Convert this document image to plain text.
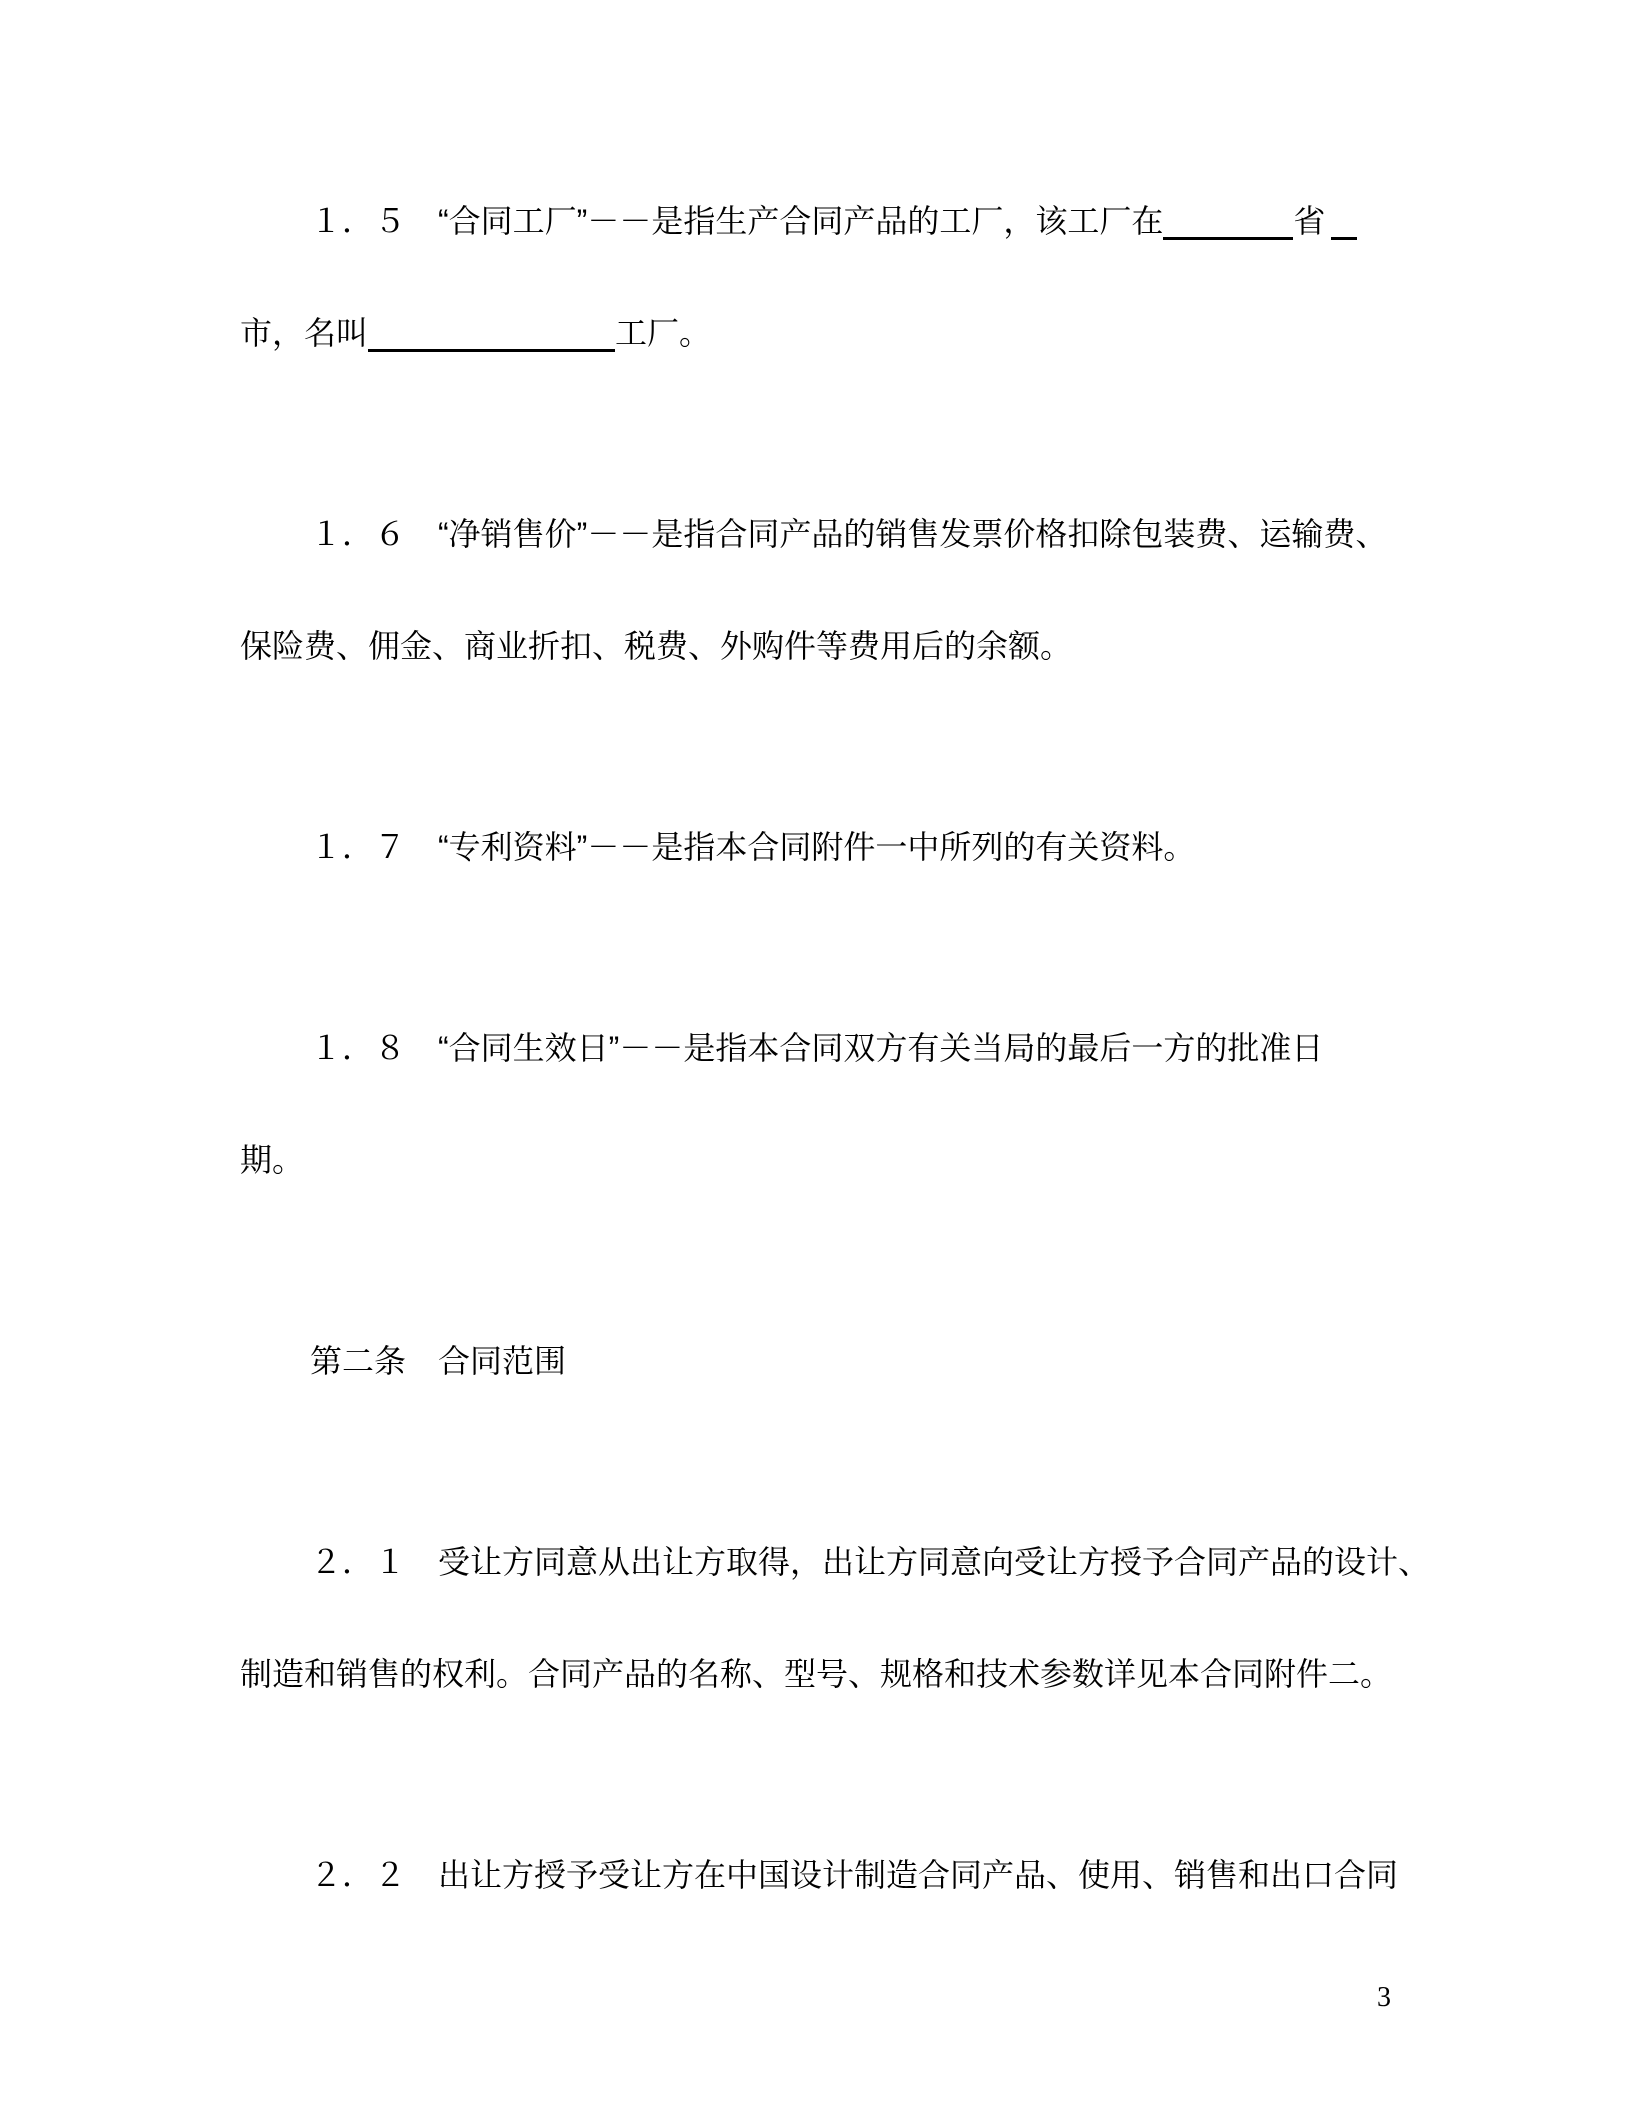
１．５　“合同工厂”－－是指生产合同产品的工厂，该工厂在	省
市，名叫	工厂。
１．６　“净销售价”－－是指合同产品的销售发票价格扣除包装费、运输费、
保险费、佣金、商业折扣、税费、外购件等费用后的余额。
１．７　“专利资料”－－是指本合同附件一中所列的有关资料。
１．８　“合同生效日”－－是指本合同双方有关当局的最后一方的批准日
期。
第二条　合同范围
２．１　受让方同意从出让方取得，出让方同意向受让方授予合同产品的设计、
制造和销售的权利。合同产品的名称、型号、规格和技术参数详见本合同附件二。
２．２　出让方授予受让方在中国设计制造合同产品、使用、销售和出口合同
3
